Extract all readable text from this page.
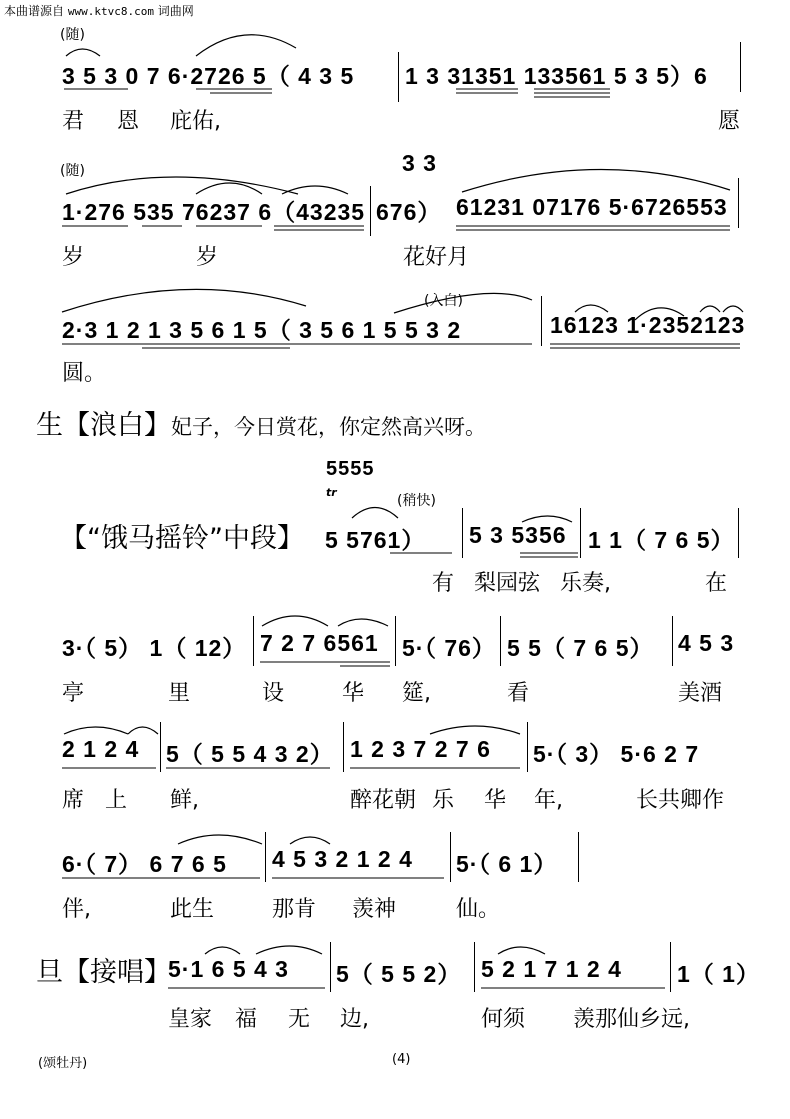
本曲谱源自 www.ktvc8.com 词曲网
(随)
3 5 3 0 7 6·2726 5（ 4 3 5 1 3 31351 133561 5 3 5）6
君 恩 庇佑,	愿
(随)	3 3
1·276 535 76237 6（43235 676） 61231 07176 5·6726553
岁	岁	花好月
(入白)
2·3 1 2 1 3 5 6 1 5（ 3 5 6 1 5 5 3 2	16123 1·2352123
圆。
生【浪白】妃子，今日赏花，你定然高兴呀。
5555
tr
(稍快)
【“饿马摇铃”中段】 5 5761） 5 3 5356 1 1（ 7 6 5）
有 梨园弦 乐奏,	在
3·（ 5） 1（ 12） 7 2 7 6561 5·（ 76） 5 5（ 7 6 5） 4 5 3
亭	里	设	华 筵,	看	美酒
2 1 2 4 5（ 5 5 4 3 2） 1 2 3 7 2 7 6 5·（ 3） 5·6 2 7
席 上 鲜,	醉花朝 乐 华 年,	长共卿作
6·（ 7） 6 7 6 5 4 5 3 2 1 2 4 5·（ 6 1）
伴,	此生	那肯 羡神	仙。
旦【接唱】
5·1 6 5 4 3 5（ 5 5 2） 5 2 1 7 1 2 4 1（ 1）
皇家 福 无 边,	何须 羡那仙乡远,
(颂牡丹)	(4)
